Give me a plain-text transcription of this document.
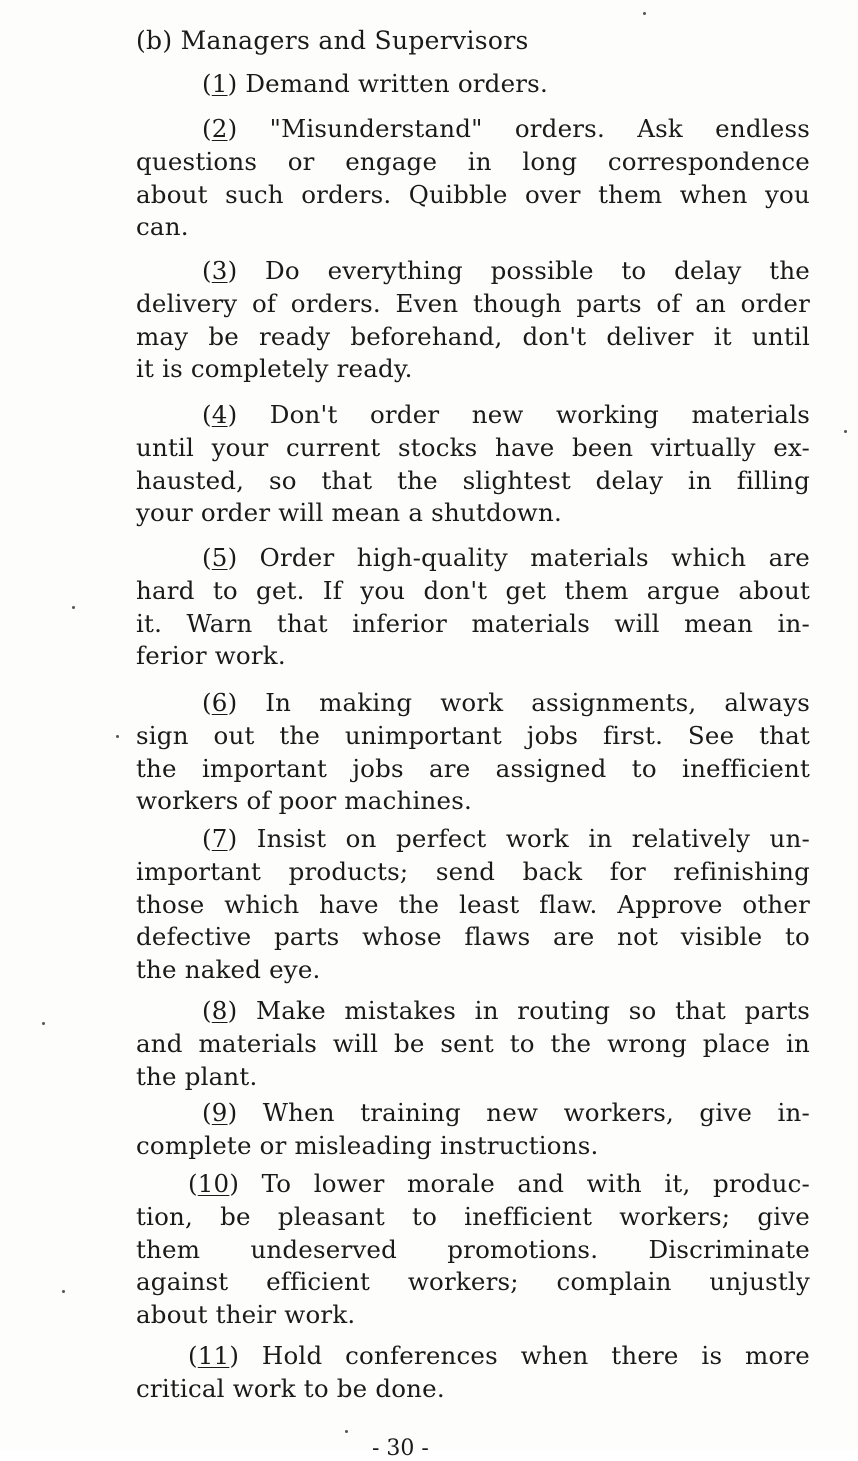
(b) Managers and Supervisors
(1) Demand written orders.
(2) "Misunderstand" orders. Ask endless
questions or engage in long correspondence
about such orders. Quibble over them when you
can.
(3) Do everything possible to delay the
delivery of orders. Even though parts of an order
may be ready beforehand, don't deliver it until
it is completely ready.
(4) Don't order new working materials
until your current stocks have been virtually ex-
hausted, so that the slightest delay in filling
your order will mean a shutdown.
(5) Order high-quality materials which are
hard to get. If you don't get them argue about
it. Warn that inferior materials will mean in-
ferior work.
(6) In making work assignments, always
sign out the unimportant jobs first. See that
the important jobs are assigned to inefficient
workers of poor machines.
(7) Insist on perfect work in relatively un-
important products; send back for refinishing
those which have the least flaw. Approve other
defective parts whose flaws are not visible to
the naked eye.
(8) Make mistakes in routing so that parts
and materials will be sent to the wrong place in
the plant.
(9) When training new workers, give in-
complete or misleading instructions.
(10) To lower morale and with it, produc-
tion, be pleasant to inefficient workers; give
them undeserved promotions. Discriminate
against efficient workers; complain unjustly
about their work.
(11) Hold conferences when there is more
critical work to be done.
- 30 -
